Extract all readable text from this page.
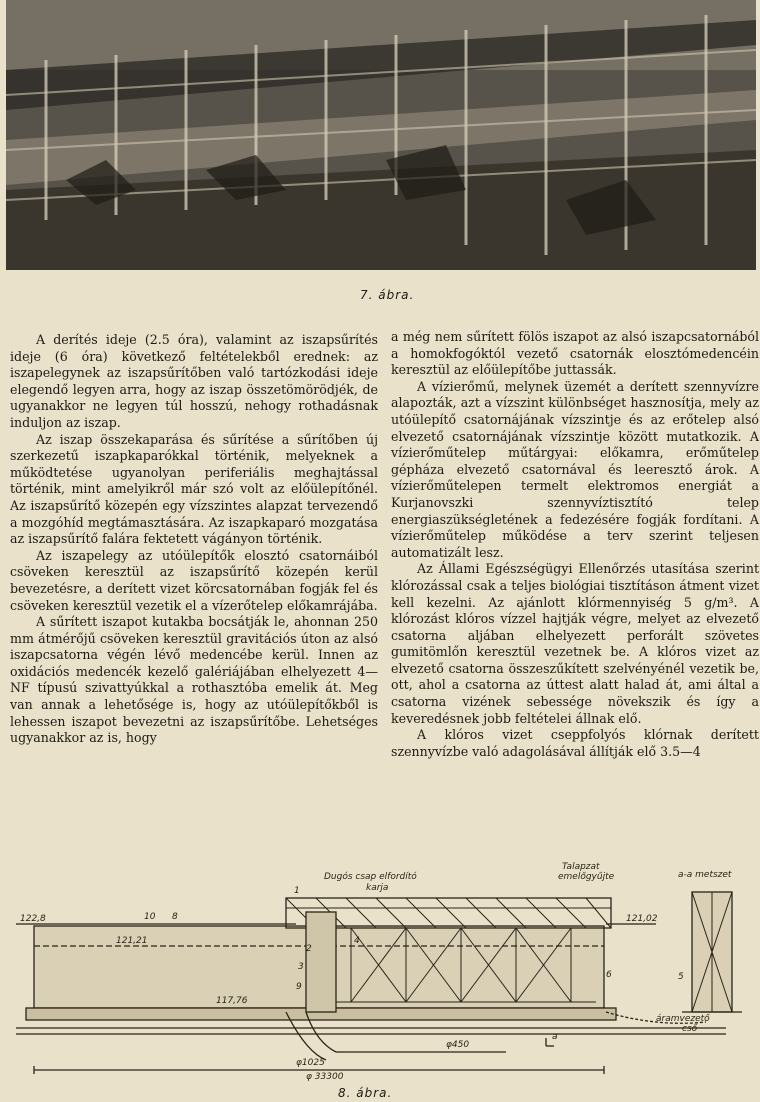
7. ábra.

A derítés ideje (2.5 óra), valamint az iszapsűrítés ideje (6 óra) következő feltételekből erednek: az iszapelegynek az iszapsűrítőben való tartózkodási ideje elegendő legyen arra, hogy az iszap összetömörödjék, de ugyanakkor ne legyen túl hosszú, nehogy rothadásnak induljon az iszap.

Az iszap összekaparása és sűrítése a sűrítőben új szerkezetű iszapkaparókkal történik, melyeknek a működtetése ugyanolyan periferiális meghajtással történik, mint amelyikről már szó volt az előülepítőnél. Az iszapsűrítő közepén egy vízszintes alapzat tervezendő a mozgóhíd megtámasztására. Az iszapkaparó mozgatása az iszapsűrítő falára fektetett vágányon történik.

Az iszapelegy az utóülepítők elosztó csatornáiból csöveken keresztül az iszapsűrítő közepén kerül bevezetésre, a derített vizet körcsatornában fogják fel és csöveken keresztül vezetik el a vízerőtelep előkamrájába.

A sűrített iszapot kutakba bocsátják le, ahonnan 250 mm átmérőjű csöveken keresztül gravitációs úton az alsó iszapcsatorna végén lévő medencébe kerül. Innen az oxidációs medencék kezelő galériájában elhelyezett 4—NF típusú szivattyúkkal a rothasztóba emelik át. Meg van annak a lehetősége is, hogy az utóülepítőkből is lehessen iszapot bevezetni az iszapsűrítőbe. Lehetséges ugyanakkor az is, hogy

a még nem sűrített fölös iszapot az alsó iszapcsatornából a homokfogóktól vezető csatornák elosztómedencéin keresztül az előülepítőbe juttassák.

A vízierőmű, melynek üzemét a derített szennyvízre alapozták, azt a vízszint különbséget hasznosítja, mely az utóülepítő csatornájának vízszintje és az erőtelep alsó elvezető csatornájának vízszintje között mutatkozik. A vízierőműtelep műtárgyai: előkamra, erőműtelep gépháza elvezető csatornával és leeresztő árok. A vízierőműtelepen termelt elektromos energiát a Kurjanovszki szennyvíztisztító telep energiaszükségletének a fedezésére fogják fordítani. A vízierőműtelep működése a terv szerint teljesen automatizált lesz.

Az Állami Egészségügyi Ellenőrzés utasítása szerint klórozással csak a teljes biológiai tisztításon átment vizet kell kezelni. Az ajánlott klórmennyiség 5 g/m³. A klórozást klóros vízzel hajtják végre, melyet az elvezető csatorna aljában elhelyezett perforált szövetes gumitömlőn keresztül vezetnek be. A klóros vizet az elvezető csatorna összeszűkített szelvényénél vezetik be, ott, ahol a csatorna az úttest alatt halad át, ami által a csatorna vizének sebessége növekszik és így a keveredésnek jobb feltételei állnak elő.

A klóros vizet cseppfolyós klórnak derített szennyvízbe való adagolásával állítják elő 3.5—4

Dugós csap elfordító
karja
Talapzat
emelőgyűjte	a-a metszet
áramvezető
cső
φ 33300
φ1025
φ450
122,8
121,21
117,76
121,02
a
1
3
4
5
6
8
9
10
2
8. ábra.
